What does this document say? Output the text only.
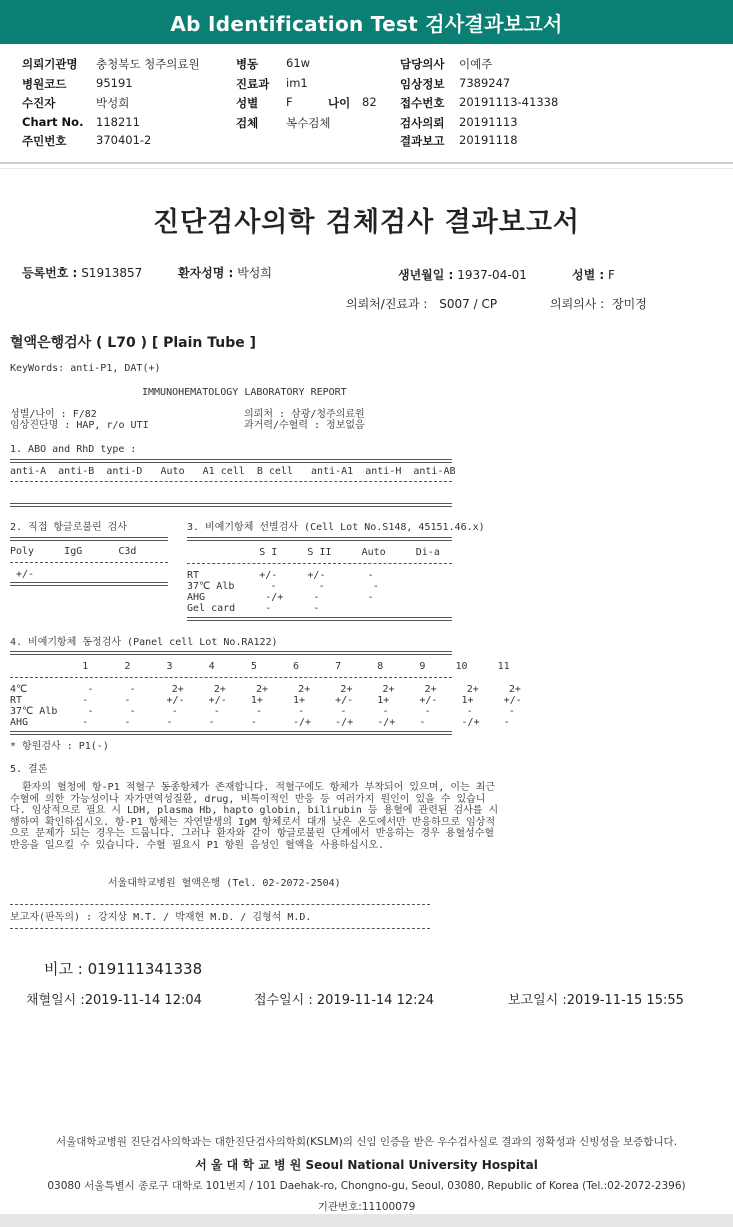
Ab Identification Test 검사결과보고서
의뢰기관명 충청북도 청주의료원	병동 61w	담당의사 이예주
병원코드	95191	진료과 im1	임상정보 7389247
수진자	박성희	성별 F	나이 82 접수번호 20191113-41338
Chart No. 118211	검체 복수검체	검사의뢰 20191113
주민번호	370401-2	결과보고 20191118
진단검사의학 검체검사 결과보고서
등록번호 : S1913857	환자성명 : 박성희	생년월일 : 1937-04-01	성별 : F
의뢰처/진료과 : S007 / CP	의뢰의사 : 장미정
혈액은행검사 ( L70 ) [ Plain Tube ]
KeyWords: anti-P1, DAT(+)
IMMUNOHEMATOLOGY LABORATORY REPORT
성별/나이 : F/82
임상진단명 : HAP, r/o UTI
의뢰처 : 삼광/청주의료원
과거력/수혈력 : 정보없음
1. ABO and RhD type :
anti-A  anti-B  anti-D   Auto   A1 cell  B cell   anti-A1  anti-H  anti-AB
2. 직접 항글로불린 검사
Poly     IgG      C3d
+/-
3. 비예기항체 선별검사 (Cell Lot No.S148, 45151.46.x)
S I     S II     Auto     Di-a
RT          +/-     +/-       -
37℃ Alb      -       -        -
AHG          -/+     -        -
Gel card     -       -
4. 비예기항체 동정검사 (Panel cell Lot No.RA122)
1      2      3      4      5      6      7      8      9     10     11
4℃          -      -      2+     2+     2+     2+     2+     2+     2+     2+     2+
RT          -      -      +/-    +/-    1+     1+     +/-    1+     +/-    1+     +/-
37℃ Alb     -      -      -      -      -      -      -      -      -      -      -
AHG         -      -      -      -      -      -/+    -/+    -/+    -      -/+    -
* 항원검사 : P1(-)
5. 결론
환자의 혈청에 항-P1 적혈구 동종항체가 존재합니다. 적혈구에도 항체가 부착되어 있으며, 이는 최근 수혈에 의한 가능성이나 자가면역성질환, drug, 비특이적인 반응 등 여러가지 원인이 있을 수 있습니다. 임상적으로 필요 시 LDH, plasma Hb, hapto globin, bilirubin 등 용혈에 관련된 검사를 시행하여 확인하십시오. 항-P1 항체는 자연발생의 IgM 항체로서 대개 낮은 온도에서만 반응하므로 임상적으로 문제가 되는 경우는 드뭅니다. 그러나 환자와 같이 항글로불린 단계에서 반응하는 경우 용혈성수혈반응을 일으킬 수 있습니다. 수혈 필요시 P1 항원 음성인 혈액을 사용하십시오.
서울대학교병원 혈액은행 (Tel. 02-2072-2504)
보고자(판독의) : 강지상 M.T. / 박재현 M.D. / 김형석 M.D.
비고 : 019111341338
채혈일시 :2019-11-14 12:04	접수일시 : 2019-11-14 12:24	보고일시 :2019-11-15 15:55
서울대학교병원 진단검사의학과는 대한진단검사의학회(KSLM)의 신임 인증을 받은 우수검사실로 결과의 정확성과 신빙성을 보증합니다.
서 울 대 학 교 병 원 Seoul National University Hospital
03080 서울특별시 종로구 대학로 101번지 / 101 Daehak-ro, Chongno-gu, Seoul, 03080, Republic of Korea (Tel.:02-2072-2396)
기관번호:11100079
